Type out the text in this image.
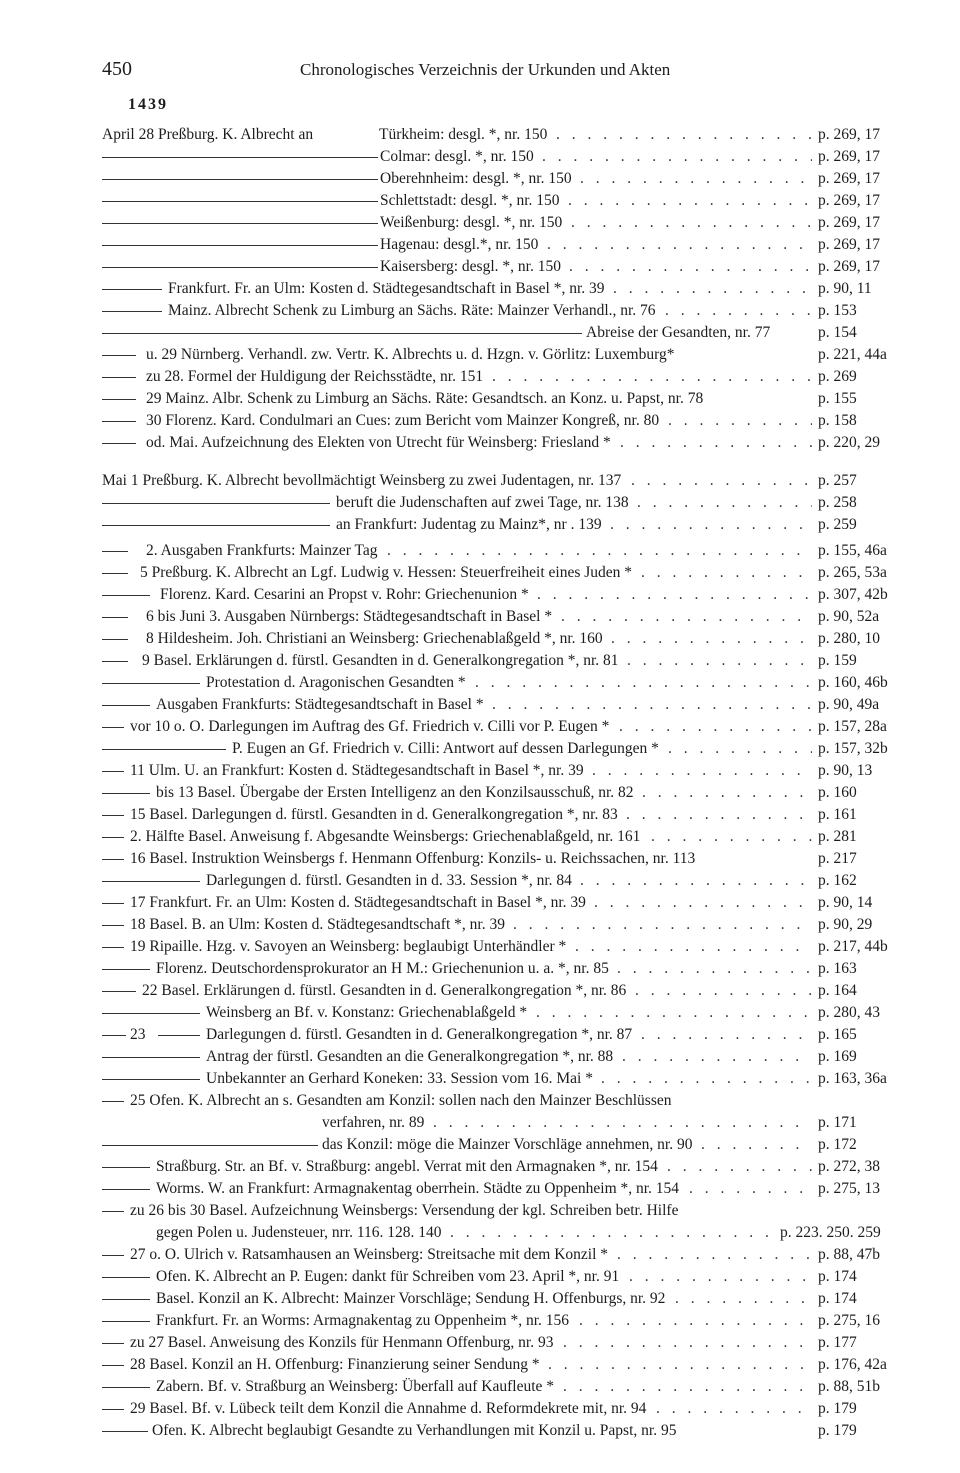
450	Chronologisches Verzeichnis der Urkunden und Akten
1439
April 28 Preßburg. K. Albrecht an	Türkheim: desgl. *, nr. 150 . . .	p. 269, 17
Colmar: desgl. *, nr. 150 . . .	p. 269, 17
Oberehnheim: desgl. *, nr. 150 . . .	p. 269, 17
Schlettstadt: desgl. *, nr. 150 . . .	p. 269, 17
Weißenburg: desgl. *, nr. 150 . . .	p. 269, 17
Hagenau: desgl.*, nr. 150 . . .	p. 269, 17
Kaisersberg: desgl. *, nr. 150 . . .	p. 269, 17
Frankfurt. Fr. an Ulm: Kosten d. Städtegesandtschaft in Basel *, nr. 39 . . .	p. 90, 11
Mainz. Albrecht Schenk zu Limburg an Sächs. Räte: Mainzer Verhandl., nr. 76 . . .	p. 153
Abreise der Gesandten, nr. 77	p. 154
u. 29 Nürnberg. Verhandl. zw. Vertr. K. Albrechts u. d. Hzgn. v. Görlitz: Luxemburg*	p. 221, 44a
zu 28. Formel der Huldigung der Reichsstädte, nr. 151 . . .	p. 269
29 Mainz. Albr. Schenk zu Limburg an Sächs. Räte: Gesandtsch. an Konz. u. Papst, nr. 78	p. 155
30 Florenz. Kard. Condulmari an Cues: zum Bericht vom Mainzer Kongreß, nr. 80 . . .	p. 158
od. Mai. Aufzeichnung des Elekten von Utrecht für Weinsberg: Friesland * . . .	p. 220, 29
Mai 1 Preßburg. K. Albrecht bevollmächtigt Weinsberg zu zwei Judentagen, nr. 137 . . .	p. 257
beruft die Judenschaften auf zwei Tage, nr. 138 . . .	p. 258
an Frankfurt: Judentag zu Mainz*, nr . 139 . . .	p. 259
2. Ausgaben Frankfurts: Mainzer Tag . . .	p. 155, 46a
5 Preßburg. K. Albrecht an Lgf. Ludwig v. Hessen: Steuerfreiheit eines Juden * . . .	p. 265, 53a
Florenz. Kard. Cesarini an Propst v. Rohr: Griechenunion * . . .	p. 307, 42b
6 bis Juni 3. Ausgaben Nürnbergs: Städtegesandtschaft in Basel * . . .	p. 90, 52a
8 Hildesheim. Joh. Christiani an Weinsberg: Griechenablaßgeld *, nr. 160 . . .	p. 280, 10
9 Basel. Erklärungen d. fürstl. Gesandten in d. Generalkongregation *, nr. 81 . . .	p. 159
Protestation d. Aragonischen Gesandten * . . .	p. 160, 46b
Ausgaben Frankfurts: Städtegesandtschaft in Basel * . . .	p. 90, 49a
vor 10 o. O. Darlegungen im Auftrag des Gf. Friedrich v. Cilli vor P. Eugen * . . .	p. 157, 28a
P. Eugen an Gf. Friedrich v. Cilli: Antwort auf dessen Darlegungen * . . .	p. 157, 32b
11 Ulm. U. an Frankfurt: Kosten d. Städtegesandtschaft in Basel *, nr. 39 . . .	p. 90, 13
bis 13 Basel. Übergabe der Ersten Intelligenz an den Konzilsausschuß, nr. 82 . . .	p. 160
15 Basel. Darlegungen d. fürstl. Gesandten in d. Generalkongregation *, nr. 83 . . .	p. 161
2. Hälfte Basel. Anweisung f. Abgesandte Weinsbergs: Griechenablaßgeld, nr. 161 . . .	p. 281
16 Basel. Instruktion Weinsbergs f. Henmann Offenburg: Konzils- u. Reichssachen, nr. 113	p. 217
Darlegungen d. fürstl. Gesandten in d. 33. Session *, nr. 84 . . .	p. 162
17 Frankfurt. Fr. an Ulm: Kosten d. Städtegesandtschaft in Basel *, nr. 39 . . .	p. 90, 14
18 Basel. B. an Ulm: Kosten d. Städtegesandtschaft *, nr. 39 . . .	p. 90, 29
19 Ripaille. Hzg. v. Savoyen an Weinsberg: beglaubigt Unterhändler * . . .	p. 217, 44b
Florenz. Deutschordensprokurator an H M.: Griechenunion u. a. *, nr. 85 . . .	p. 163
22 Basel. Erklärungen d. fürstl. Gesandten in d. Generalkongregation *, nr. 86 . . .	p. 164
Weinsberg an Bf. v. Konstanz: Griechenablaßgeld * . . .	p. 280, 43
23	Darlegungen d. fürstl. Gesandten in d. Generalkongregation *, nr. 87 . . .	p. 165
Antrag der fürstl. Gesandten an die Generalkongregation *, nr. 88 . . .	p. 169
Unbekannter an Gerhard Koneken: 33. Session vom 16. Mai * . . .	p. 163, 36a
25 Ofen. K. Albrecht an s. Gesandten am Konzil: sollen nach den Mainzer Beschlüssen
verfahren, nr. 89 . . .	p. 171
das Konzil: möge die Mainzer Vorschläge annehmen, nr. 90 . . .	p. 172
Straßburg. Str. an Bf. v. Straßburg: angebl. Verrat mit den Armagnaken *, nr. 154 . . .	p. 272, 38
Worms. W. an Frankfurt: Armagnakentag oberrhein. Städte zu Oppenheim *, nr. 154 . . .	p. 275, 13
zu 26 bis 30 Basel. Aufzeichnung Weinsbergs: Versendung der kgl. Schreiben betr. Hilfe
gegen Polen u. Judensteuer, nrr. 116. 128. 140 . . .	p. 223. 250. 259
27 o. O. Ulrich v. Ratsamhausen an Weinsberg: Streitsache mit dem Konzil * . . .	p. 88, 47b
Ofen. K. Albrecht an P. Eugen: dankt für Schreiben vom 23. April *, nr. 91 . . .	p. 174
Basel. Konzil an K. Albrecht: Mainzer Vorschläge; Sendung H. Offenburgs, nr. 92 . . .	p. 174
Frankfurt. Fr. an Worms: Armagnakentag zu Oppenheim *, nr. 156 . . .	p. 275, 16
zu 27 Basel. Anweisung des Konzils für Henmann Offenburg, nr. 93 . . .	p. 177
28 Basel. Konzil an H. Offenburg: Finanzierung seiner Sendung * . . .	p. 176, 42a
Zabern. Bf. v. Straßburg an Weinsberg: Überfall auf Kaufleute * . . .	p. 88, 51b
29 Basel. Bf. v. Lübeck teilt dem Konzil die Annahme d. Reformdekrete mit, nr. 94 . . .	p. 179
Ofen. K. Albrecht beglaubigt Gesandte zu Verhandlungen mit Konzil u. Papst, nr. 95	p. 179
